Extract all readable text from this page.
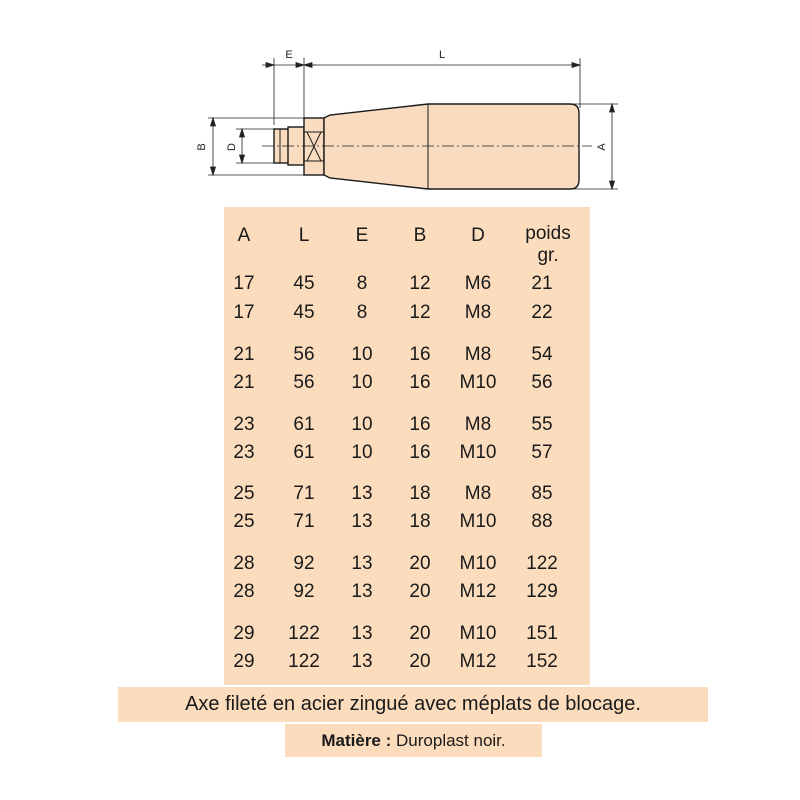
E	L
B D	A
A	L	E	B	D	poids
gr.
17	45	8	12	M6	21
17	45	8	12	M8	22
21	56	10	16	M8	54
21	56	10	16	M10	56
23	61	10	16	M8	55
23	61	10	16	M10	57
25	71	13	18	M8	85
25	71	13	18	M10	88
28	92	13	20	M10	122
28	92	13	20	M12	129
29	122	13	20	M10	151
29	122	13	20	M12	152
Axe fileté en acier zingué avec méplats de blocage.
Matière : Duroplast noir.
